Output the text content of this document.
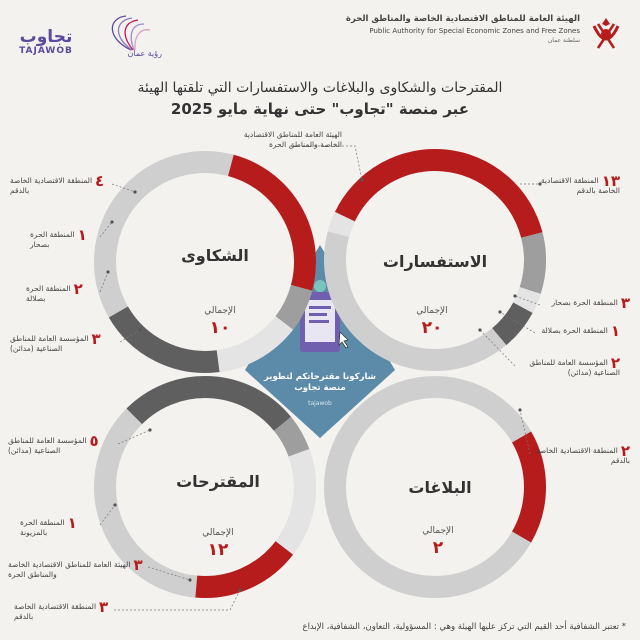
الهيئة العامة للمناطق الاقتصادية الخاصة والمناطق الحرة
Public Authority for Special Economic Zones and Free Zones
سلطنة عمان
رؤية عمان
تجاوب
TAJAWOB
المقترحات والشكاوى والبلاغات والاستفسارات التي تلقتها الهيئة
عبر منصة "تجاوب" حتى نهاية مايو 2025
شاركونا مقترحاتكم لتطوير منصة تجاوب
tajawob
الاستفسارات
الشكاوى
المقترحات	البلاغات
الإجمالي
٢٠
الإجمالي
١٠
الإجمالي
١٢
الإجمالي
٢
الهيئة العامة للمناطق الاقتصادية الخاصة والمناطق الحرة
١٣المنطقة الاقتصادية الخاصة بالدقم
٣المنطقة الحرة بصحار
١المنطقة الحرة بصلالة
٢المؤسسة العامة للمناطق الصناعية (مدائن)
٤المنطقة الاقتصادية الخاصة بالدقم
١المنطقة الحرة بصحار
٢المنطقة الحرة بصلالة
٣المؤسسة العامة للمناطق الصناعية (مدائن)
٥المؤسسة العامة للمناطق الصناعية (مدائن)
١المنطقة الحرة بالمزيونة
٣الهيئة العامة للمناطق الاقتصادية الخاصة والمناطق الحرة
٣المنطقة الاقتصادية الخاصة بالدقم
٢المنطقة الاقتصادية الخاصة بالدقم
* تعتبر الشفافية أحد القيم التي تركز عليها الهيئة وهي : المسؤولية، التعاون، الشفافية، الإبداع
